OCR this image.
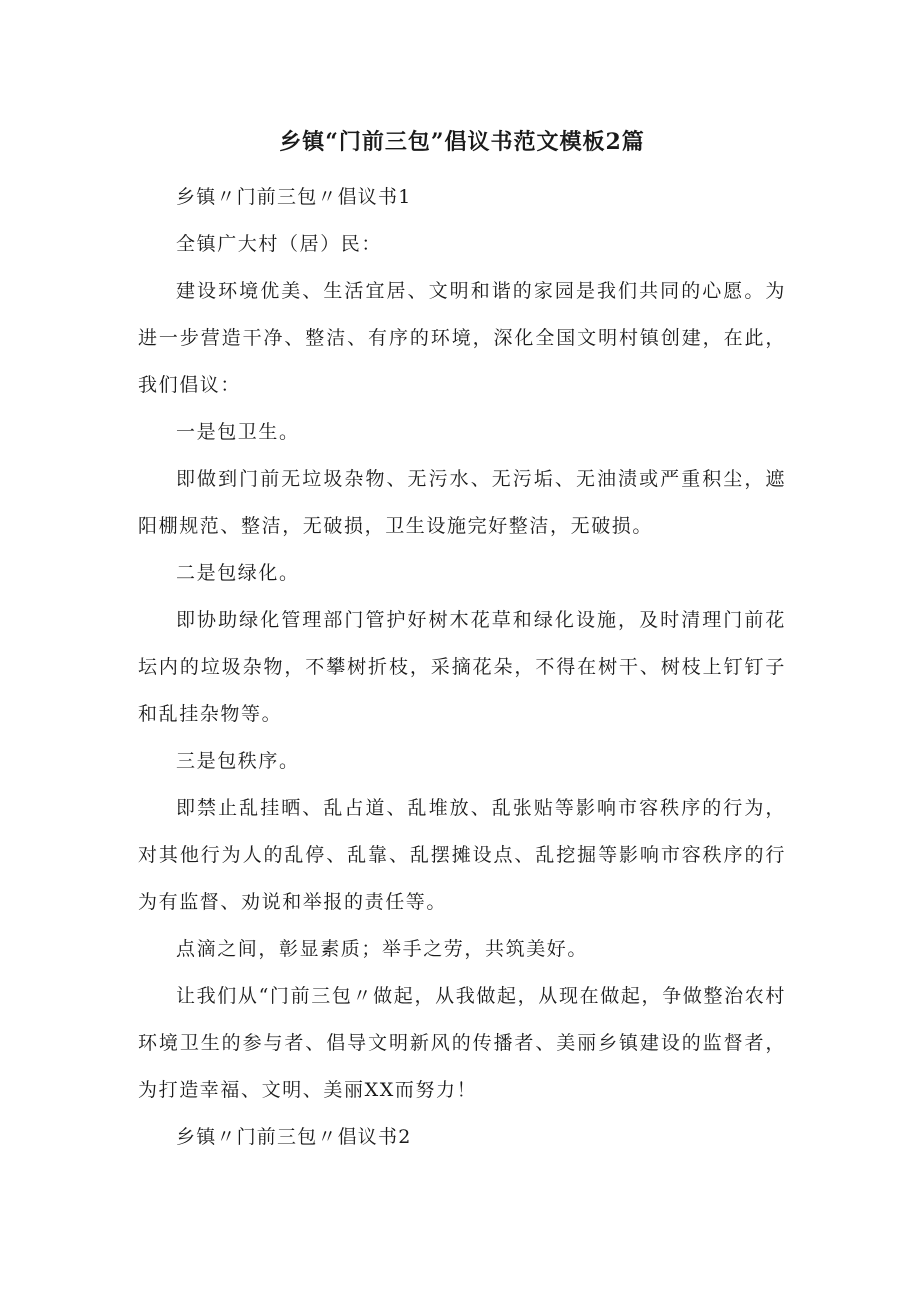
乡镇“门前三包”倡议书范文模板2篇

乡镇〃门前三包〃倡议书1

全镇广大村（居）民：

建设环境优美、生活宜居、文明和谐的家园是我们共同的心愿。为进一步营造干净、整洁、有序的环境，深化全国文明村镇创建，在此，我们倡议：

一是包卫生。

即做到门前无垃圾杂物、无污水、无污垢、无油渍或严重积尘，遮阳棚规范、整洁，无破损，卫生设施完好整洁，无破损。

二是包绿化。

即协助绿化管理部门管护好树木花草和绿化设施，及时清理门前花坛内的垃圾杂物，不攀树折枝，采摘花朵，不得在树干、树枝上钉钉子和乱挂杂物等。

三是包秩序。

即禁止乱挂晒、乱占道、乱堆放、乱张贴等影响市容秩序的行为，对其他行为人的乱停、乱靠、乱摆摊设点、乱挖掘等影响市容秩序的行为有监督、劝说和举报的责任等。

点滴之间，彰显素质；举手之劳，共筑美好。

让我们从“门前三包〃做起，从我做起，从现在做起，争做整治农村环境卫生的参与者、倡导文明新风的传播者、美丽乡镇建设的监督者，为打造幸福、文明、美丽XX而努力！

乡镇〃门前三包〃倡议书2
